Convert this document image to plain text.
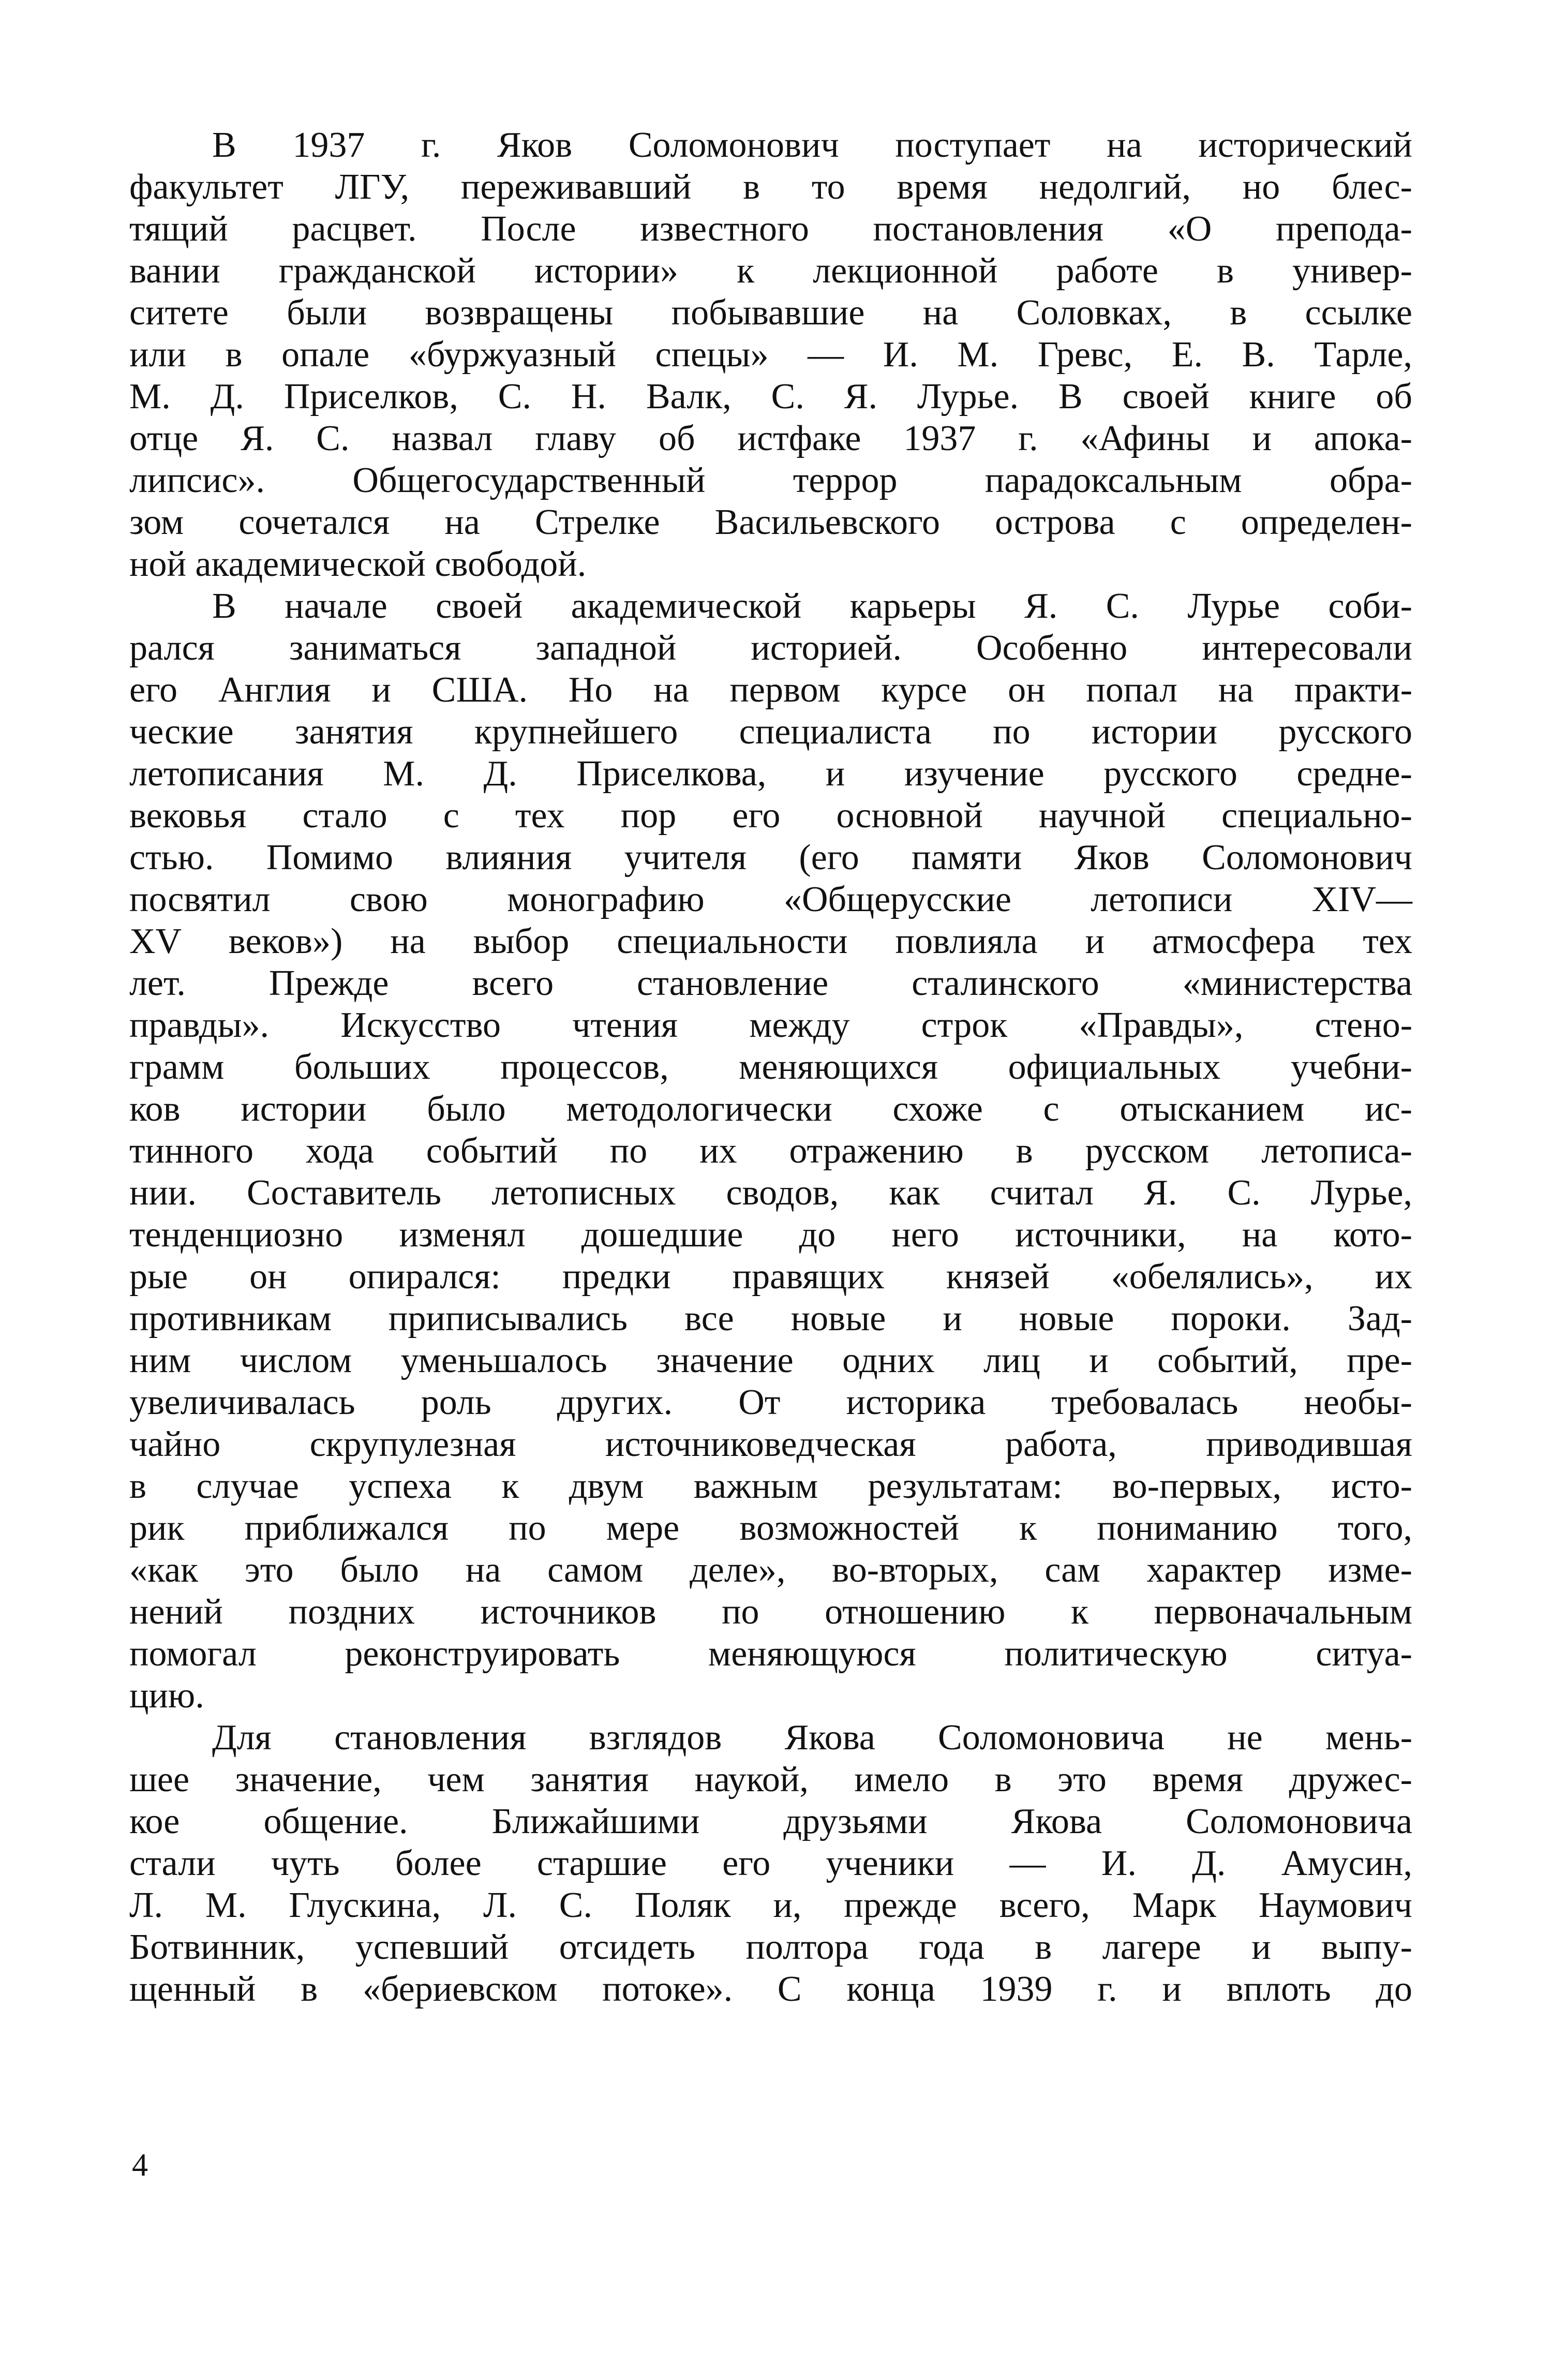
В 1937 г. Яков Соломонович поступает на исторический
факультет ЛГУ, переживавший в то время недолгий, но блес-
тящий расцвет. После известного постановления «О препода-
вании гражданской истории» к лекционной работе в универ-
ситете были возвращены побывавшие на Соловках, в ссылке
или в опале «буржуазный спецы» — И. М. Гревс, Е. В. Тарле,
М. Д. Приселков, С. Н. Валк, С. Я. Лурье. В своей книге об
отце Я. С. назвал главу об истфаке 1937 г. «Афины и апока-
липсис». Общегосударственный террор парадоксальным обра-
зом сочетался на Стрелке Васильевского острова с определен-
ной академической свободой.
В начале своей академической карьеры Я. С. Лурье соби-
рался заниматься западной историей. Особенно интересовали
его Англия и США. Но на первом курсе он попал на практи-
ческие занятия крупнейшего специалиста по истории русского
летописания М. Д. Приселкова, и изучение русского средне-
вековья стало с тех пор его основной научной специально-
стью. Помимо влияния учителя (его памяти Яков Соломонович
посвятил свою монографию «Общерусские летописи XIV—
XV веков») на выбор специальности повлияла и атмосфера тех
лет. Прежде всего становление сталинского «министерства
правды». Искусство чтения между строк «Правды», стено-
грамм больших процессов, меняющихся официальных учебни-
ков истории было методологически схоже с отысканием ис-
тинного хода событий по их отражению в русском летописа-
нии. Составитель летописных сводов, как считал Я. С. Лурье,
тенденциозно изменял дошедшие до него источники, на кото-
рые он опирался: предки правящих князей «обелялись», их
противникам приписывались все новые и новые пороки. Зад-
ним числом уменьшалось значение одних лиц и событий, пре-
увеличивалась роль других. От историка требовалась необы-
чайно скрупулезная источниковедческая работа, приводившая
в случае успеха к двум важным результатам: во-первых, исто-
рик приближался по мере возможностей к пониманию того,
«как это было на самом деле», во-вторых, сам характер изме-
нений поздних источников по отношению к первоначальным
помогал реконструировать меняющуюся политическую ситуа-
цию.
Для становления взглядов Якова Соломоновича не мень-
шее значение, чем занятия наукой, имело в это время дружес-
кое общение. Ближайшими друзьями Якова Соломоновича
стали чуть более старшие его ученики — И. Д. Амусин,
Л. М. Глускина, Л. С. Поляк и, прежде всего, Марк Наумович
Ботвинник, успевший отсидеть полтора года в лагере и выпу-
щенный в «бериевском потоке». С конца 1939 г. и вплоть до
4
